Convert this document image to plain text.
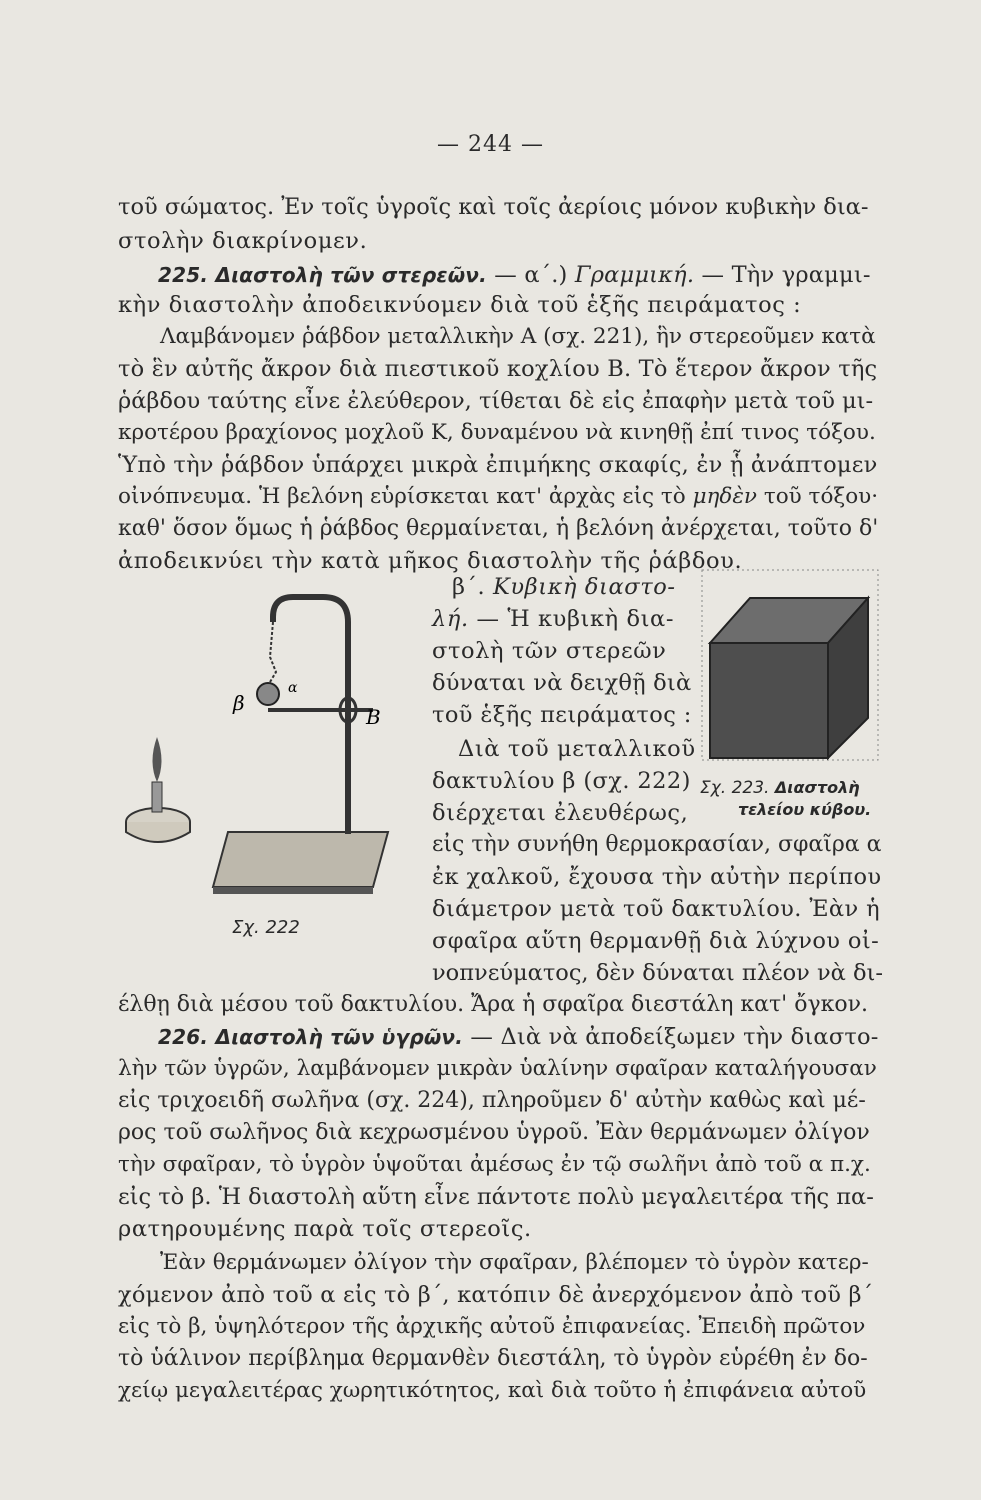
— 244 —
τοῦ σώματος. Ἐν τοῖς ὑγροῖς καὶ τοῖς ἀερίοις μόνον κυβικὴν δια-
στολὴν διακρίνομεν.
225. Διαστολὴ τῶν στερεῶν. — α΄.) Γραμμική. — Τὴν γραμμι-
κὴν διαστολὴν ἀποδεικνύομεν διὰ τοῦ ἑξῆς πειράματος :
Λαμβάνομεν ῥάβδον μεταλλικὴν Α (σχ. 221), ἣν στερεοῦμεν κατὰ
τὸ ἓν αὐτῆς ἄκρον διὰ πιεστικοῦ κοχλίου Β. Τὸ ἕτερον ἄκρον τῆς
ῥάβδου ταύτης εἶνε ἐλεύθερον, τίθεται δὲ εἰς ἐπαφὴν μετὰ τοῦ μι-
κροτέρου βραχίονος μοχλοῦ Κ, δυναμένου νὰ κινηθῇ ἐπί τινος τόξου.
Ὑπὸ τὴν ῥάβδον ὑπάρχει μικρὰ ἐπιμήκης σκαφίς, ἐν ᾗ ἀνάπτομεν
οἰνόπνευμα. Ἡ βελόνη εὑρίσκεται κατ' ἀρχὰς εἰς τὸ μηδὲν τοῦ τόξου·
καθ' ὅσον ὅμως ἡ ῥάβδος θερμαίνεται, ἡ βελόνη ἀνέρχεται, τοῦτο δ'
ἀποδεικνύει τὴν κατὰ μῆκος διαστολὴν τῆς ῥάβδου.
β
α
B
Σχ. 222
β΄. Κυβικὴ διαστο-
λή. — Ἡ κυβικὴ δια-
στολὴ τῶν στερεῶν
δύναται νὰ δειχθῇ διὰ
τοῦ ἑξῆς πειράματος :
Διὰ τοῦ μεταλλικοῦ
δακτυλίου β (σχ. 222)
διέρχεται ἐλευθέρως,
εἰς τὴν συνήθη θερμοκρασίαν, σφαῖρα α
ἐκ χαλκοῦ, ἔχουσα τὴν αὐτὴν περίπου
διάμετρον μετὰ τοῦ δακτυλίου. Ἐὰν ἡ
σφαῖρα αὕτη θερμανθῇ διὰ λύχνου οἰ-
νοπνεύματος, δὲν δύναται πλέον νὰ δι-
έλθῃ διὰ μέσου τοῦ δακτυλίου. Ἄρα ἡ σφαῖρα διεστάλη κατ' ὄγκον.
Σχ. 223. Διαστολὴ
τελείου κύβου.
226. Διαστολὴ τῶν ὑγρῶν. — Διὰ νὰ ἀποδείξωμεν τὴν διαστο-
λὴν τῶν ὑγρῶν, λαμβάνομεν μικρὰν ὑαλίνην σφαῖραν καταλήγουσαν
εἰς τριχοειδῆ σωλῆνα (σχ. 224), πληροῦμεν δ' αὐτὴν καθὼς καὶ μέ-
ρος τοῦ σωλῆνος διὰ κεχρωσμένου ὑγροῦ. Ἐὰν θερμάνωμεν ὀλίγον
τὴν σφαῖραν, τὸ ὑγρὸν ὑψοῦται ἀμέσως ἐν τῷ σωλῆνι ἀπὸ τοῦ α π.χ.
εἰς τὸ β. Ἡ διαστολὴ αὕτη εἶνε πάντοτε πολὺ μεγαλειτέρα τῆς πα-
ρατηρουμένης παρὰ τοῖς στερεοῖς.
Ἐὰν θερμάνωμεν ὀλίγον τὴν σφαῖραν, βλέπομεν τὸ ὑγρὸν κατερ-
χόμενον ἀπὸ τοῦ α εἰς τὸ β΄, κατόπιν δὲ ἀνερχόμενον ἀπὸ τοῦ β΄
εἰς τὸ β, ὑψηλότερον τῆς ἀρχικῆς αὐτοῦ ἐπιφανείας. Ἐπειδὴ πρῶτον
τὸ ὑάλινον περίβλημα θερμανθὲν διεστάλη, τὸ ὑγρὸν εὑρέθη ἐν δο-
χείῳ μεγαλειτέρας χωρητικότητος, καὶ διὰ τοῦτο ἡ ἐπιφάνεια αὐτοῦ
